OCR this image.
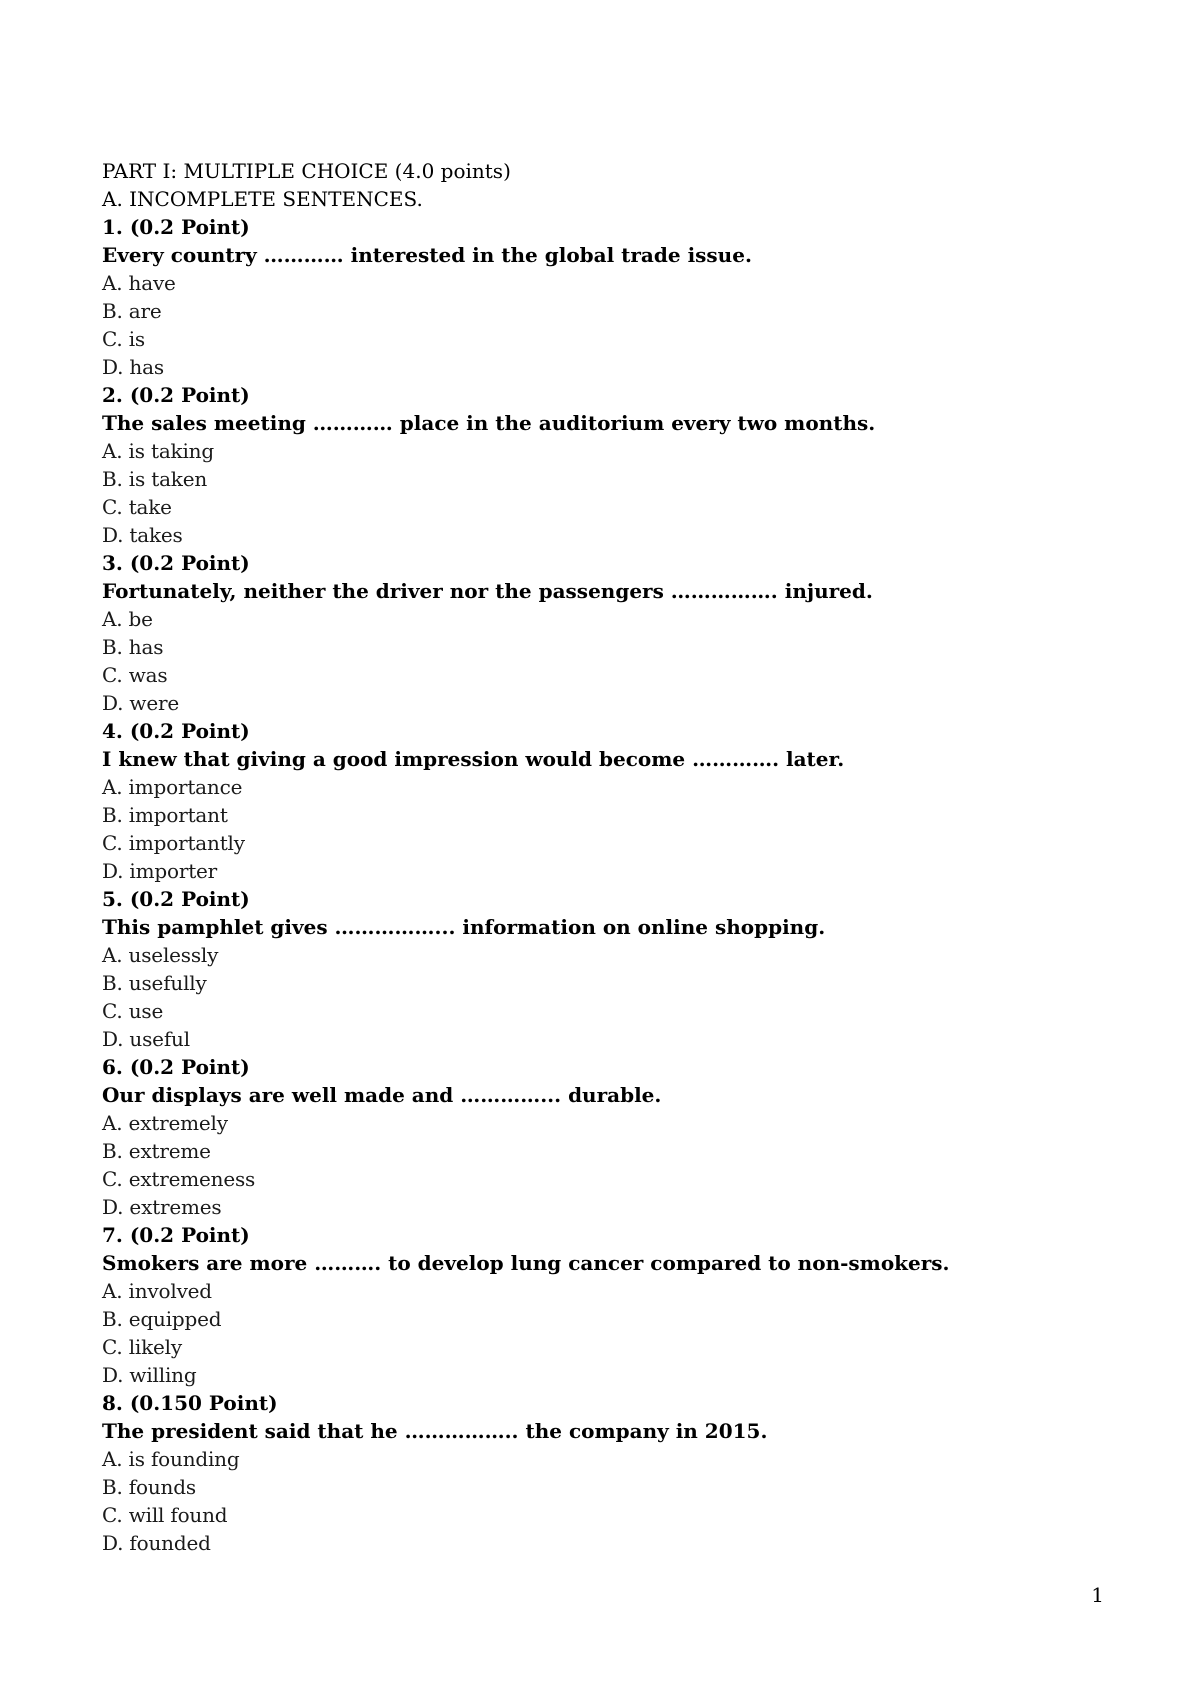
PART I: MULTIPLE CHOICE (4.0 points)
A. INCOMPLETE SENTENCES.
1. (0.2 Point)
Every country ………… interested in the global trade issue.
A. have
B. are
C. is
D. has
2. (0.2 Point)
The sales meeting ………… place in the auditorium every two months.
A. is taking
B. is taken
C. take
D. takes
3. (0.2 Point)
Fortunately, neither the driver nor the passengers ……………. injured.
A. be
B. has
C. was
D. were
4. (0.2 Point)
I knew that giving a good impression would become …………. later.
A. importance
B. important
C. importantly
D. importer
5. (0.2 Point)
This pamphlet gives ……………... information on online shopping.
A. uselessly
B. usefully
C. use
D. useful
6. (0.2 Point)
Our displays are well made and …………... durable.
A. extremely
B. extreme
C. extremeness
D. extremes
7. (0.2 Point)
Smokers are more ………. to develop lung cancer compared to non-smokers.
A. involved
B. equipped
C. likely
D. willing
8. (0.150 Point)
The president said that he …………….. the company in 2015.
A. is founding
B. founds
C. will found
D. founded
1
